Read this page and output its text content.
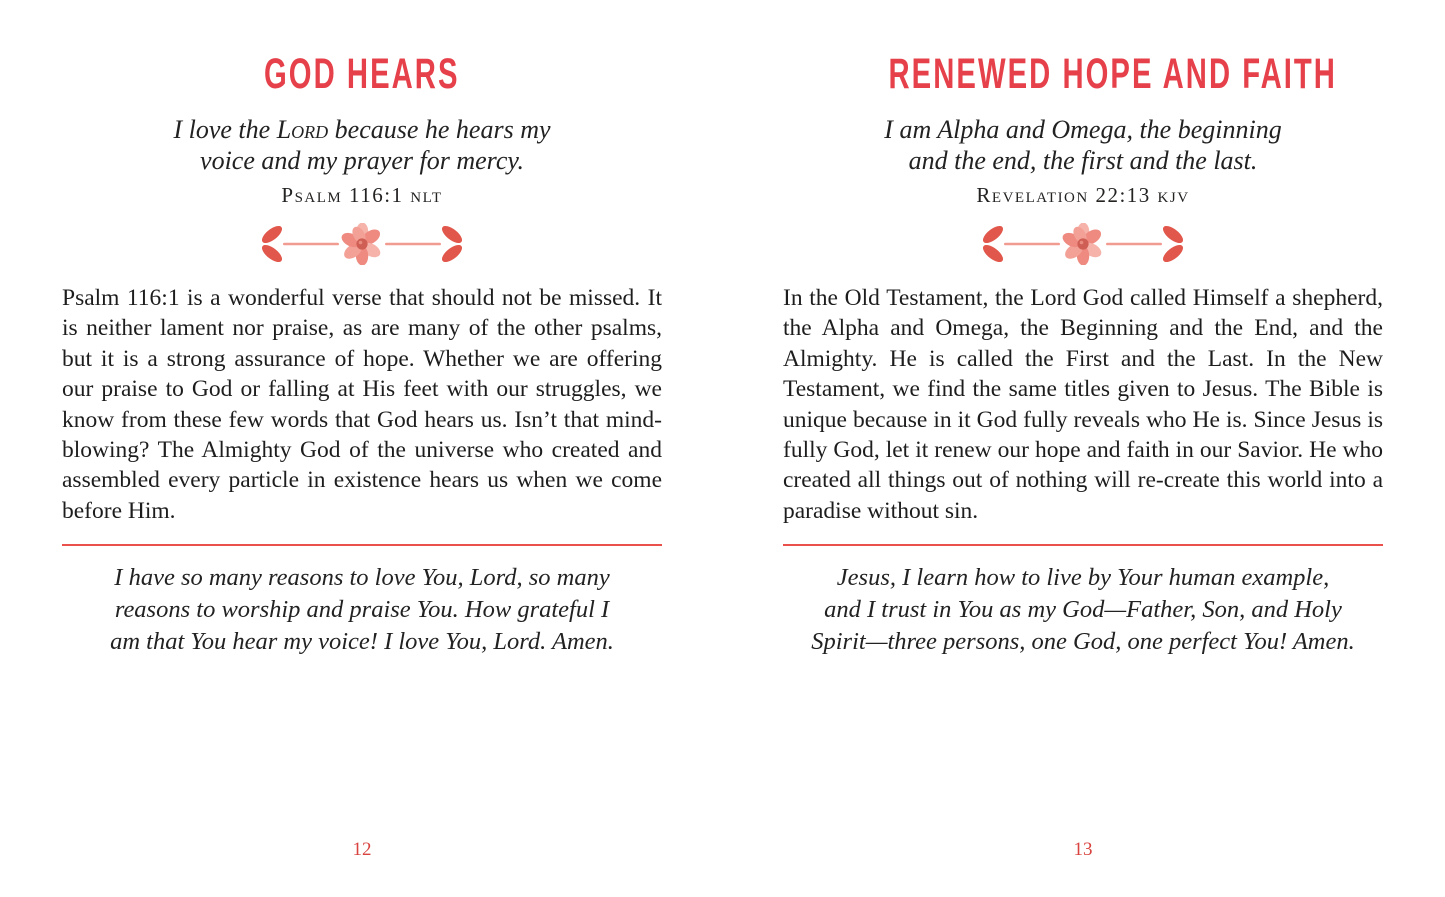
GOD HEARS

I love the Lord because he hears my
voice and my prayer for mercy.

Psalm 116:1 nlt

Psalm 116:1 is a wonderful verse that should not be missed. It is neither lament nor praise, as are many of the other psalms, but it is a strong assurance of hope. Whether we are offering our praise to God or falling at His feet with our struggles, we know from these few words that God hears us. Isn’t that mind-blowing? The Almighty God of the universe who created and assembled every particle in existence hears us when we come before Him.

I have so many reasons to love You, Lord, so many
reasons to worship and praise You. How grateful I
am that You hear my voice! I love You, Lord. Amen.

12
RENEWED HOPE AND FAITH

I am Alpha and Omega, the beginning
and the end, the first and the last.

Revelation 22:13 kjv

In the Old Testament, the Lord God called Himself a shepherd, the Alpha and Omega, the Beginning and the End, and the Almighty. He is called the First and the Last. In the New Testament, we find the same titles given to Jesus. The Bible is unique because in it God fully reveals who He is. Since Jesus is fully God, let it renew our hope and faith in our Savior. He who created all things out of nothing will re-create this world into a paradise without sin.

Jesus, I learn how to live by Your human example,
and I trust in You as my God—Father, Son, and Holy
Spirit—three persons, one God, one perfect You! Amen.

13
